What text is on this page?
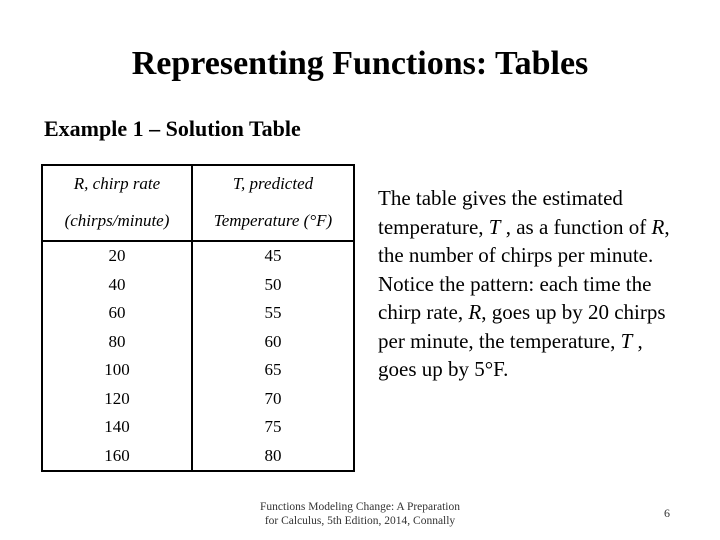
Representing Functions: Tables
Example 1 – Solution Table
R, chirp rate	T, predicted
(chirps/minute)	Temperature (°F)
20	45
40	50
60	55
80	60
100	65
120	70
140	75
160	80

The table gives the estimated temperature, T , as a function of R, the number of chirps per minute. Notice the pattern: each time the chirp rate, R, goes up by 20 chirps per minute, the temperature, T , goes up by 5°F.

Functions Modeling Change: A Preparation
for Calculus, 5th Edition, 2014, Connally
6
